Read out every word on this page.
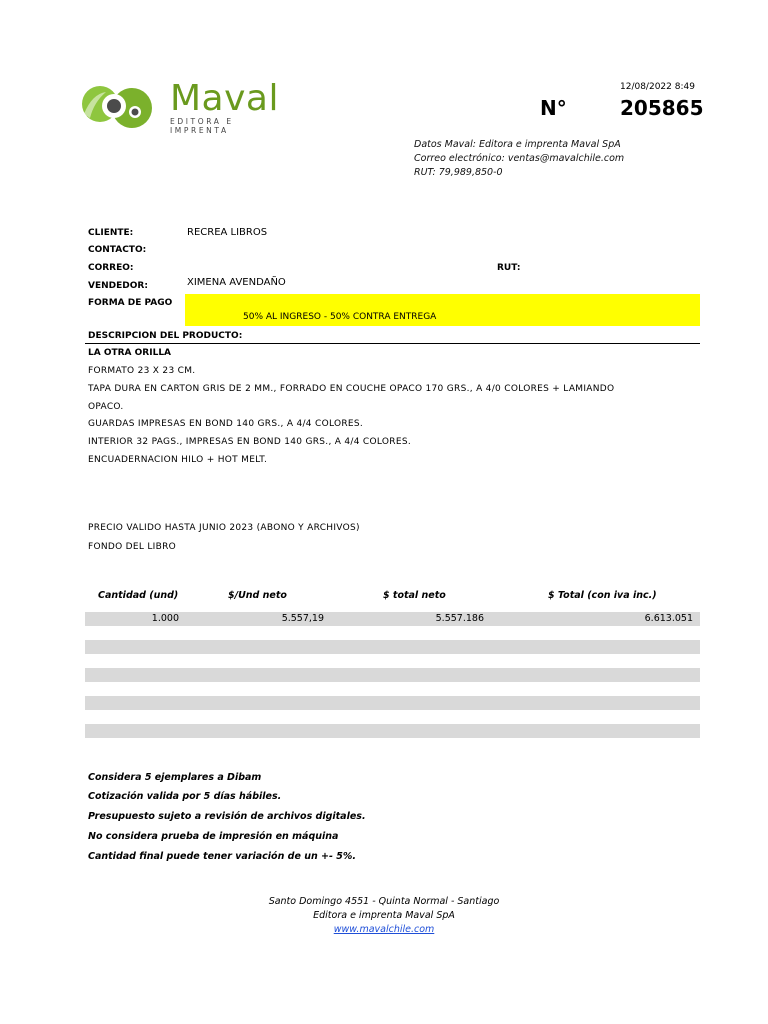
Maval
EDITORA E IMPRENTA
12/08/2022 8:49
N°	205865
Datos Maval: Editora e imprenta Maval SpA
Correo electrónico: ventas@mavalchile.com
RUT: 79,989,850-0
CLIENTE:	RECREA LIBROS
CONTACTO:
CORREO:	RUT:
VENDEDOR:	XIMENA AVENDAÑO
FORMA DE PAGO
50% AL INGRESO - 50% CONTRA ENTREGA
DESCRIPCION DEL PRODUCTO:
LA OTRA ORILLA
FORMATO 23 X 23 CM.
TAPA DURA EN CARTON GRIS DE 2 MM., FORRADO EN COUCHE OPACO 170 GRS., A 4/0 COLORES + LAMIANDO
OPACO.
GUARDAS IMPRESAS EN BOND 140 GRS., A 4/4 COLORES.
INTERIOR 32 PAGS., IMPRESAS EN BOND 140 GRS., A 4/4 COLORES.
ENCUADERNACION HILO + HOT MELT.
PRECIO VALIDO HASTA JUNIO 2023 (ABONO Y ARCHIVOS)
FONDO DEL LIBRO
Cantidad (und)	$/Und neto	$ total neto	$ Total (con iva inc.)
1.000	5.557,19	5.557.186	6.613.051
Considera 5 ejemplares a Dibam
Cotización valida por 5 días hábiles.
Presupuesto sujeto a revisión de archivos digitales.
No considera prueba de impresión en máquina
Cantidad final puede tener variación de un +- 5%.
Santo Domingo 4551 - Quinta Normal - Santiago
Editora e imprenta Maval SpA
www.mavalchile.com
